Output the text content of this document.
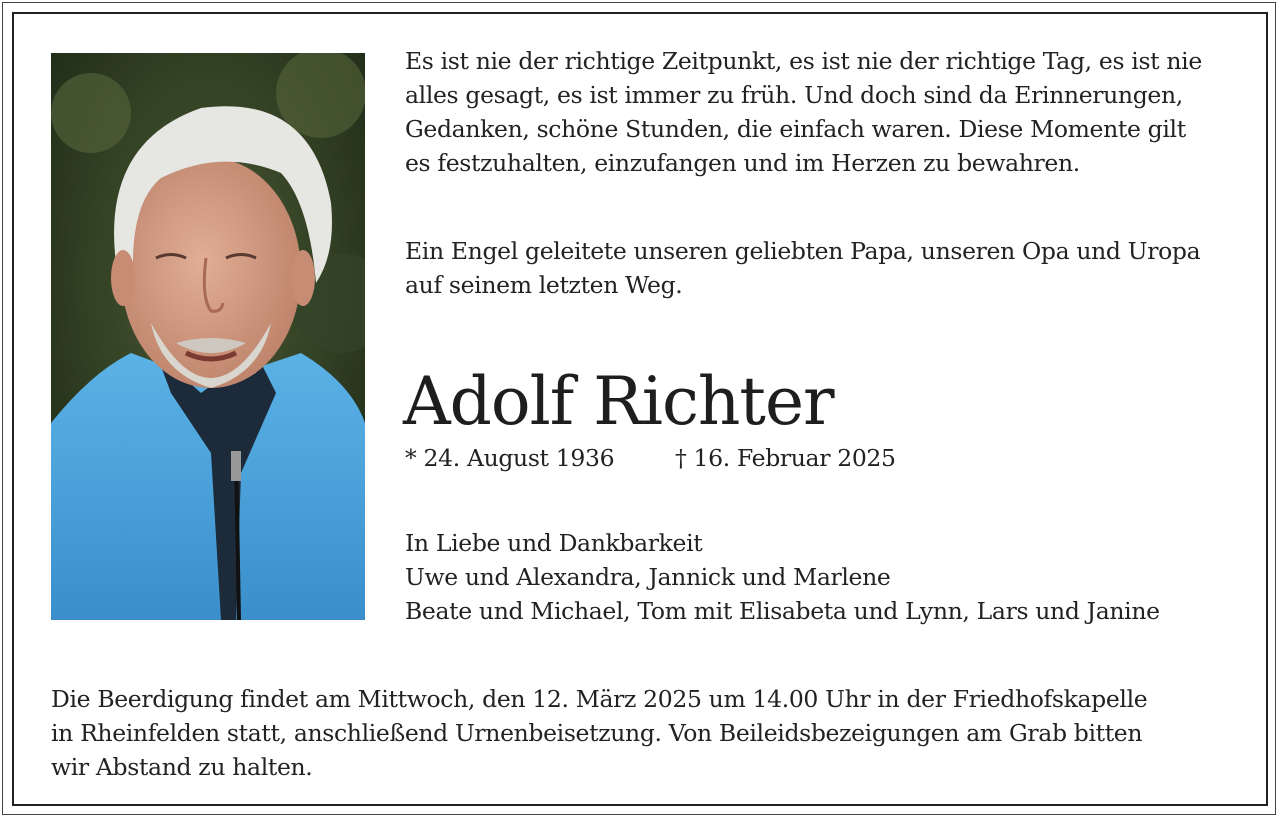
Es ist nie der richtige Zeitpunkt, es ist nie der richtige Tag, es ist nie
alles gesagt, es ist immer zu früh. Und doch sind da Erinnerungen,
Gedanken, schöne Stunden, die einfach waren. Diese Momente gilt
es festzuhalten, einzufangen und im Herzen zu bewahren.
Ein Engel geleitete unseren geliebten Papa, unseren Opa und Uropa
auf seinem letzten Weg.
Adolf Richter
* 24. August 1936	† 16. Februar 2025
In Liebe und Dankbarkeit
Uwe und Alexandra, Jannick und Marlene
Beate und Michael, Tom mit Elisabeta und Lynn, Lars und Janine
Die Beerdigung findet am Mittwoch, den 12. März 2025 um 14.00 Uhr in der Friedhofskapelle
in Rheinfelden statt, anschließend Urnenbeisetzung. Von Beileidsbezeigungen am Grab bitten
wir Abstand zu halten.
